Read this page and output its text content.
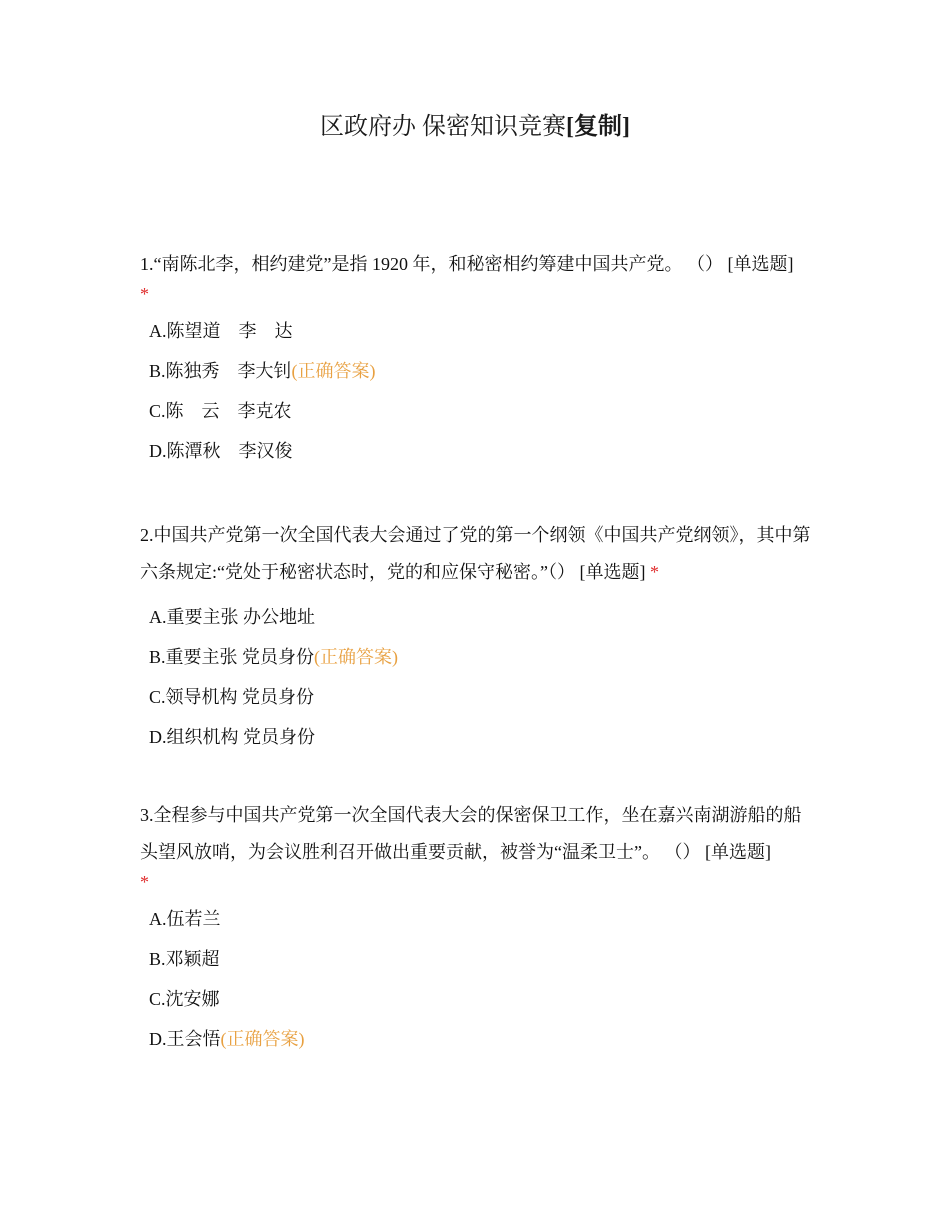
区政府办 保密知识竞赛[复制]

1.“南陈北李，相约建党”是指 1920 年，和秘密相约筹建中国共产党。 （） [单选题]

*
A.陈望道　李　达
B.陈独秀　李大钊(正确答案)
C.陈　云　李克农
D.陈潭秋　李汉俊

2.中国共产党第一次全国代表大会通过了党的第一个纲领《中国共产党纲领》，其中第六条规定:“党处于秘密状态时，党的和应保守秘密。”（） [单选题] *

A.重要主张 办公地址
B.重要主张 党员身份(正确答案)
C.领导机构 党员身份
D.组织机构 党员身份

3.全程参与中国共产党第一次全国代表大会的保密保卫工作，坐在嘉兴南湖游船的船头望风放哨，为会议胜利召开做出重要贡献，被誉为“温柔卫士”。 （） [单选题]

*
A.伍若兰
B.邓颖超
C.沈安娜
D.王会悟(正确答案)
